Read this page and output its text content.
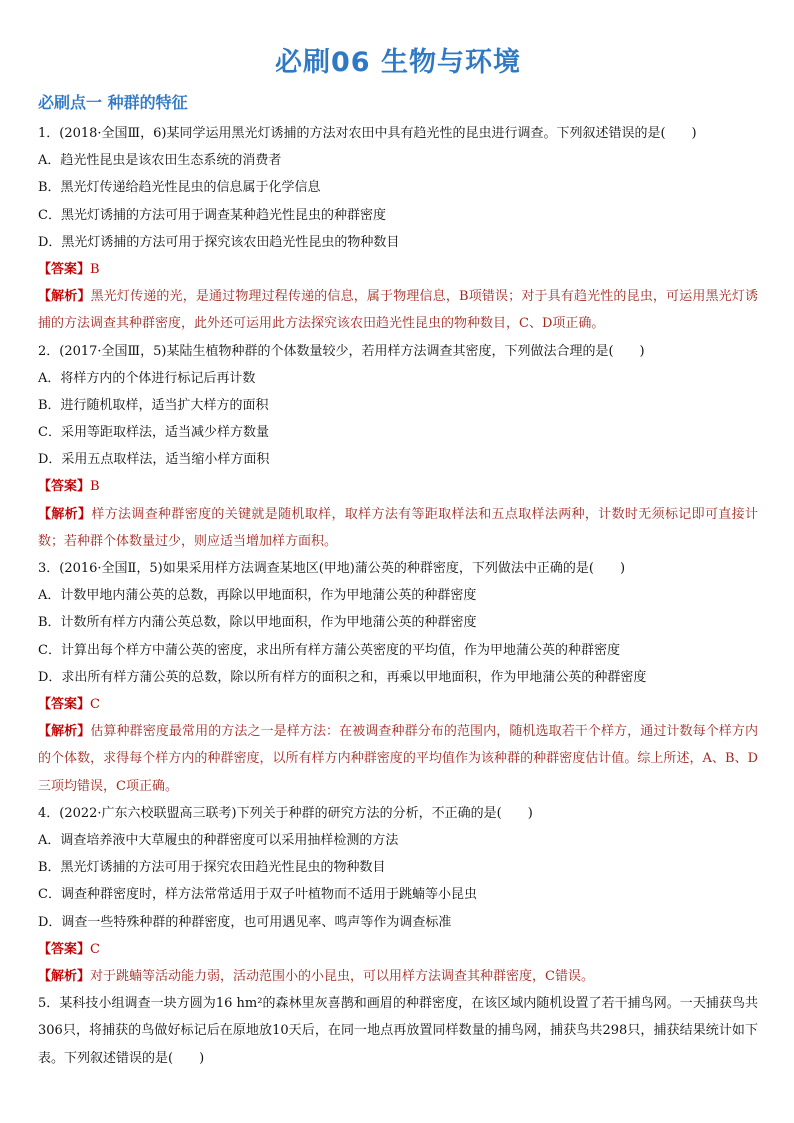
必刷06 生物与环境
必刷点一 种群的特征
1．(2018·全国Ⅲ，6)某同学运用黑光灯诱捕的方法对农田中具有趋光性的昆虫进行调查。下列叙述错误的是(　　)
A．趋光性昆虫是该农田生态系统的消费者
B．黑光灯传递给趋光性昆虫的信息属于化学信息
C．黑光灯诱捕的方法可用于调查某种趋光性昆虫的种群密度
D．黑光灯诱捕的方法可用于探究该农田趋光性昆虫的物种数目
【答案】B
【解析】黑光灯传递的光，是通过物理过程传递的信息，属于物理信息，B项错误；对于具有趋光性的昆虫，可运用黑光灯诱捕的方法调查其种群密度，此外还可运用此方法探究该农田趋光性昆虫的物种数目，C、D项正确。
2．(2017·全国Ⅲ，5)某陆生植物种群的个体数量较少，若用样方法调查其密度，下列做法合理的是(　　)
A．将样方内的个体进行标记后再计数
B．进行随机取样，适当扩大样方的面积
C．采用等距取样法，适当减少样方数量
D．采用五点取样法，适当缩小样方面积
【答案】B
【解析】样方法调查种群密度的关键就是随机取样，取样方法有等距取样法和五点取样法两种，计数时无须标记即可直接计数；若种群个体数量过少，则应适当增加样方面积。
3．(2016·全国Ⅱ，5)如果采用样方法调查某地区(甲地)蒲公英的种群密度，下列做法中正确的是(　　)
A．计数甲地内蒲公英的总数，再除以甲地面积，作为甲地蒲公英的种群密度
B．计数所有样方内蒲公英总数，除以甲地面积，作为甲地蒲公英的种群密度
C．计算出每个样方中蒲公英的密度，求出所有样方蒲公英密度的平均值，作为甲地蒲公英的种群密度
D．求出所有样方蒲公英的总数，除以所有样方的面积之和，再乘以甲地面积，作为甲地蒲公英的种群密度
【答案】C
【解析】估算种群密度最常用的方法之一是样方法：在被调查种群分布的范围内，随机选取若干个样方，通过计数每个样方内的个体数，求得每个样方内的种群密度，以所有样方内种群密度的平均值作为该种群的种群密度估计值。综上所述，A、B、D三项均错误，C项正确。
4．(2022·广东六校联盟高三联考)下列关于种群的研究方法的分析，不正确的是(　　)
A．调查培养液中大草履虫的种群密度可以采用抽样检测的方法
B．黑光灯诱捕的方法可用于探究农田趋光性昆虫的物种数目
C．调查种群密度时，样方法常常适用于双子叶植物而不适用于跳蝻等小昆虫
D．调查一些特殊种群的种群密度，也可用遇见率、鸣声等作为调查标准
【答案】C
【解析】对于跳蝻等活动能力弱，活动范围小的小昆虫，可以用样方法调查其种群密度，C错误。
5．某科技小组调查一块方圆为16 hm²的森林里灰喜鹊和画眉的种群密度，在该区域内随机设置了若干捕鸟网。一天捕获鸟共306只，将捕获的鸟做好标记后在原地放10天后，在同一地点再放置同样数量的捕鸟网，捕获鸟共298只，捕获结果统计如下表。下列叙述错误的是(　　)
